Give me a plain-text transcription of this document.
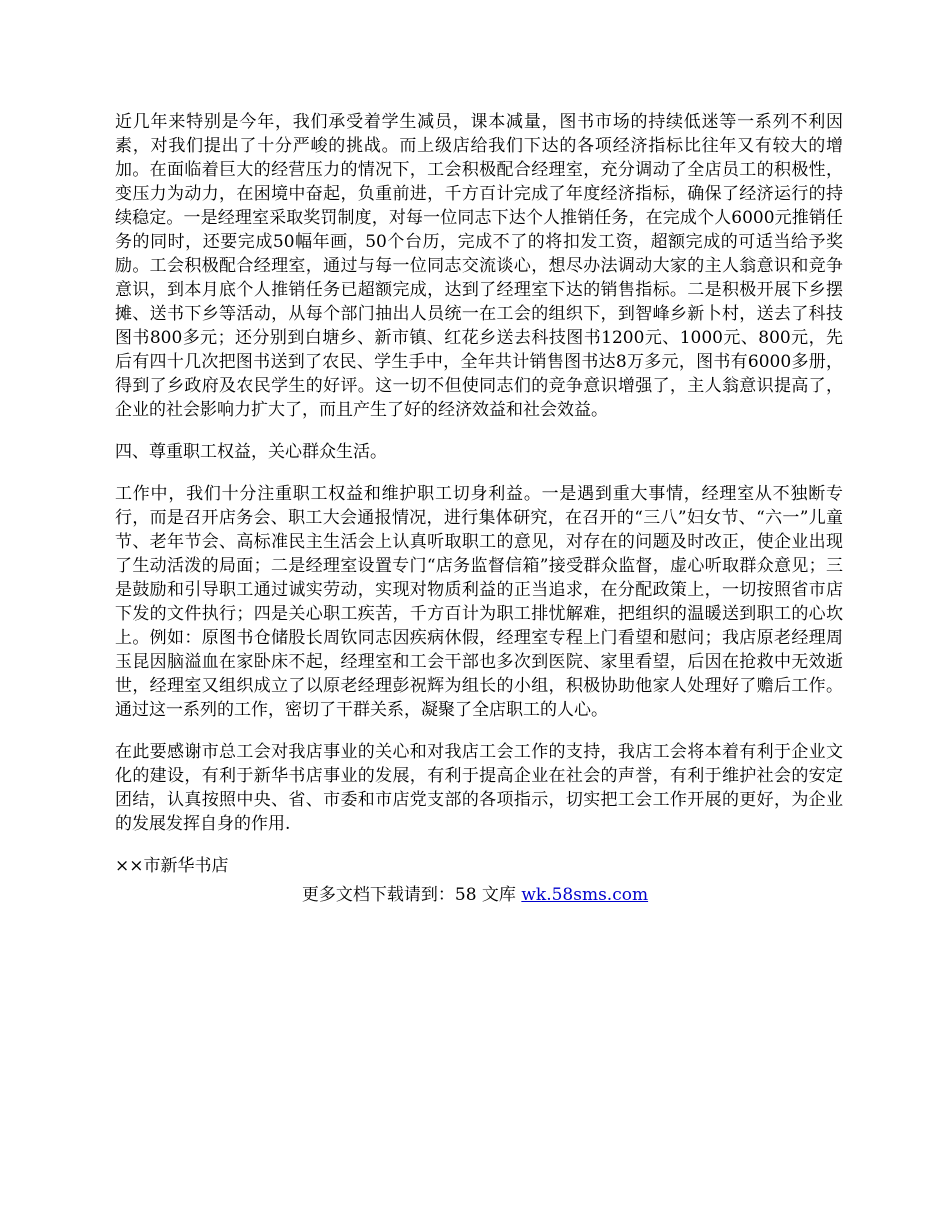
近几年来特别是今年，我们承受着学生减员，课本减量，图书市场的持续低迷等一系列不利因素，对我们提出了十分严峻的挑战。而上级店给我们下达的各项经济指标比往年又有较大的增加。在面临着巨大的经营压力的情况下，工会积极配合经理室，充分调动了全店员工的积极性，变压力为动力，在困境中奋起，负重前进，千方百计完成了年度经济指标，确保了经济运行的持续稳定。一是经理室采取奖罚制度，对每一位同志下达个人推销任务，在完成个人6000元推销任务的同时，还要完成50幅年画，50个台历，完成不了的将扣发工资，超额完成的可适当给予奖励。工会积极配合经理室，通过与每一位同志交流谈心，想尽办法调动大家的主人翁意识和竞争意识，到本月底个人推销任务已超额完成，达到了经理室下达的销售指标。二是积极开展下乡摆摊、送书下乡等活动，从每个部门抽出人员统一在工会的组织下，到智峰乡新卜村，送去了科技图书800多元；还分别到白塘乡、新市镇、红花乡送去科技图书1200元、1000元、800元，先后有四十几次把图书送到了农民、学生手中，全年共计销售图书达8万多元，图书有6000多册，得到了乡政府及农民学生的好评。这一切不但使同志们的竞争意识增强了，主人翁意识提高了，企业的社会影响力扩大了，而且产生了好的经济效益和社会效益。

四、尊重职工权益，关心群众生活。

工作中，我们十分注重职工权益和维护职工切身利益。一是遇到重大事情，经理室从不独断专行，而是召开店务会、职工大会通报情况，进行集体研究，在召开的“三八”妇女节、“六一”儿童节、老年节会、高标准民主生活会上认真听取职工的意见，对存在的问题及时改正，使企业出现了生动活泼的局面；二是经理室设置专门“店务监督信箱”接受群众监督，虚心听取群众意见；三是鼓励和引导职工通过诚实劳动，实现对物质利益的正当追求，在分配政策上，一切按照省市店下发的文件执行；四是关心职工疾苦，千方百计为职工排忧解难，把组织的温暖送到职工的心坎上。例如：原图书仓储股长周钦同志因疾病休假，经理室专程上门看望和慰问；我店原老经理周玉昆因脑溢血在家卧床不起，经理室和工会干部也多次到医院、家里看望，后因在抢救中无效逝世，经理室又组织成立了以原老经理彭祝辉为组长的小组，积极协助他家人处理好了赡后工作。通过这一系列的工作，密切了干群关系，凝聚了全店职工的人心。

在此要感谢市总工会对我店事业的关心和对我店工会工作的支持，我店工会将本着有利于企业文化的建设，有利于新华书店事业的发展，有利于提高企业在社会的声誉，有利于维护社会的安定团结，认真按照中央、省、市委和市店党支部的各项指示，切实把工会工作开展的更好，为企业的发展发挥自身的作用.

××市新华书店

更多文档下载请到：58 文库 wk.58sms.com
